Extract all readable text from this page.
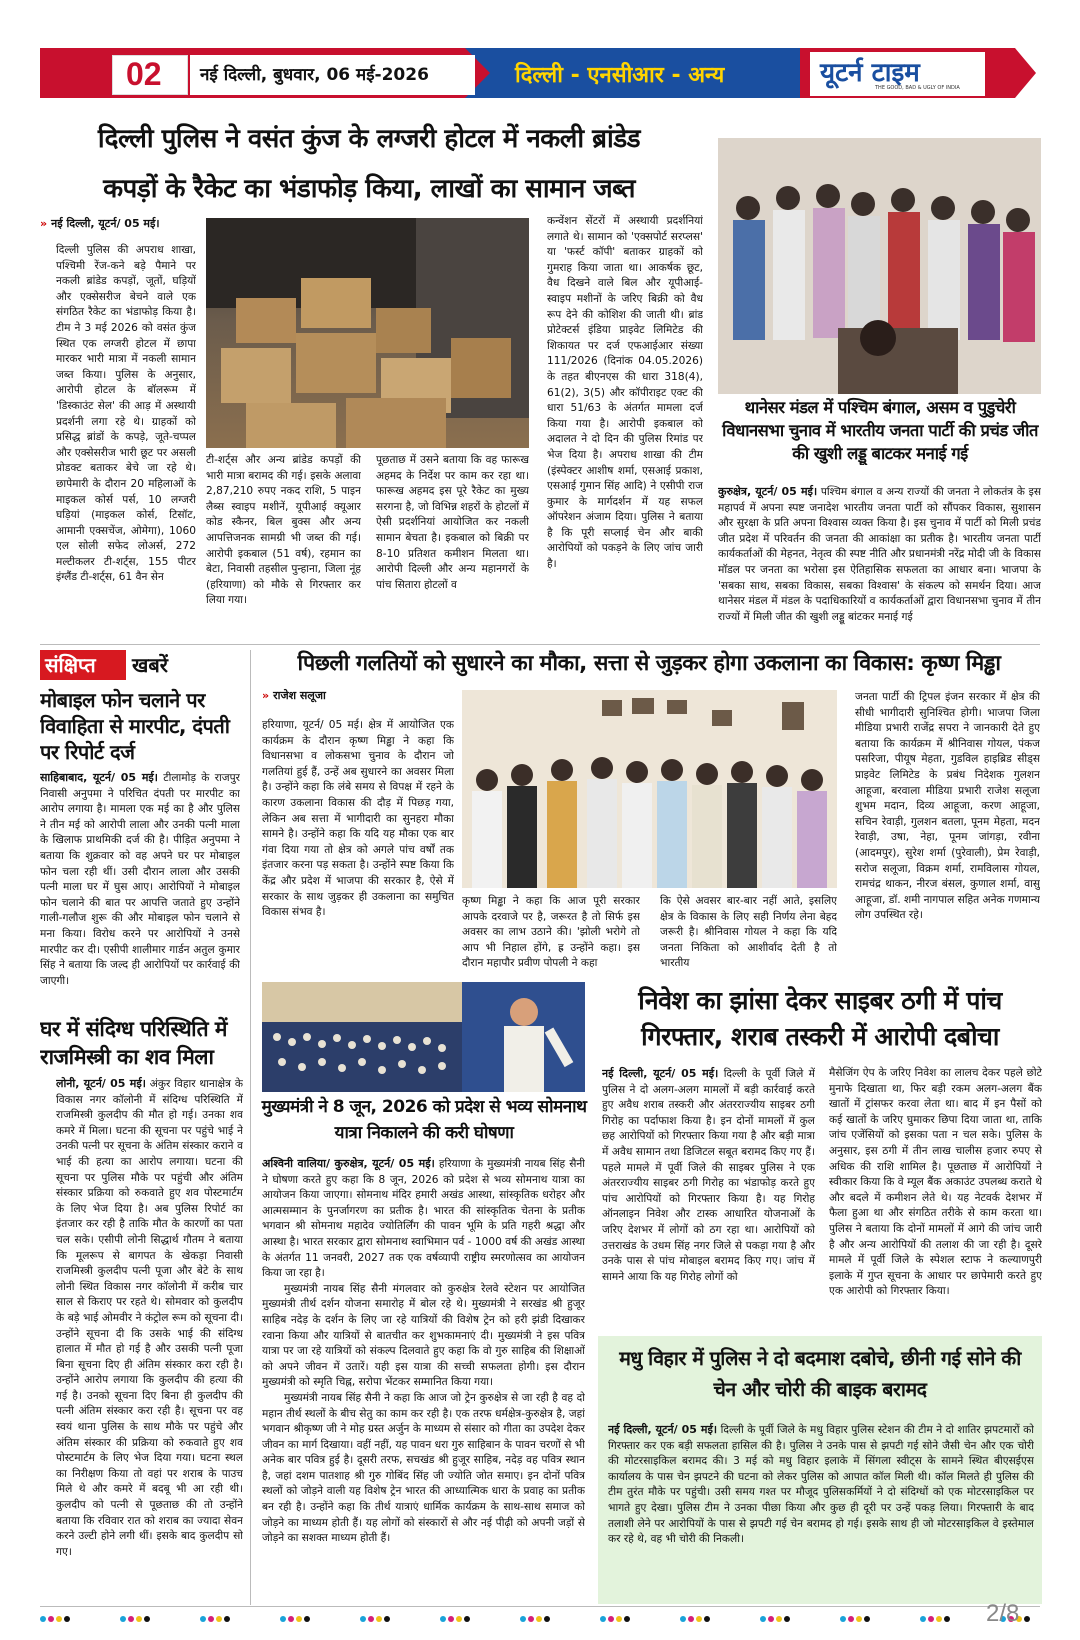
02 नई दिल्ली, बुधवार, 06 मई-2026	दिल्ली - एनसीआर - अन्य	यूटर्न टाइम
THE GOOD, BAD & UGLY OF INDIA
दिल्ली पुलिस ने वसंत कुंज के लग्जरी होटल में नकली ब्रांडेड
कपड़ों के रैकेट का भंडाफोड़ किया, लाखों का सामान जब्त
» नई दिल्ली, यूटर्न/ 05 मई।
दिल्ली पुलिस की अपराध शाखा, पश्चिमी रेंज-कने बड़े पैमाने पर नकली ब्रांडेड कपड़ों, जूतों, घड़ियों और एक्सेसरीज बेचने वाले एक संगठित रैकेट का भंडाफोड़ किया है। टीम ने 3 मई 2026 को वसंत कुंज स्थित एक लग्जरी होटल में छापा मारकर भारी मात्रा में नकली सामान जब्त किया। पुलिस के अनुसार, आरोपी होटल के बॉलरूम में 'डिस्काउंट सेल' की आड़ में अस्थायी प्रदर्शनी लगा रहे थे। ग्राहकों को प्रसिद्ध ब्रांडों के कपड़े, जूते-चप्पल और एक्सेसरीज भारी छूट पर असली प्रोडक्ट बताकर बेचे जा रहे थे। छापेमारी के दौरान 20 महिलाओं के माइकल कोर्स पर्स, 10 लग्जरी घड़ियां (माइकल कोर्स, टिसॉट, आमानी एक्सचेंज, ओमेगा), 1060 एल सोली सफेद लोअर्स, 272 मल्टीकलर टी-शर्ट्स, 155 पीटर इंग्लैंड टी-शर्ट्स, 61 वैन सेन
टी-शर्ट्स और अन्य ब्रांडेड कपड़ों की भारी मात्रा बरामद की गई। इसके अलावा 2,87,210 रुपए नकद राशि, 5 पाइन लैब्स स्वाइप मशीनें, यूपीआई क्यूआर कोड स्कैनर, बिल बुक्स और अन्य आपत्तिजनक सामग्री भी जब्त की गई। आरोपी इकबाल (51 वर्ष), रहमान का बेटा, निवासी तहसील पुन्हाना, जिला नूंह (हरियाणा) को मौके से गिरफ्तार कर लिया गया।
पूछताछ में उसने बताया कि वह फारूख अहमद के निर्देश पर काम कर रहा था। फारूख अहमद इस पूरे रैकेट का मुख्य सरगना है, जो विभिन्न शहरों के होटलों में ऐसी प्रदर्शनियां आयोजित कर नकली सामान बेचता है। इकबाल को बिक्री पर 8-10 प्रतिशत कमीशन मिलता था। आरोपी दिल्ली और अन्य महानगरों के पांच सितारा होटलों व
कन्वेंशन सेंटरों में अस्थायी प्रदर्शनियां लगाते थे। सामान को 'एक्सपोर्ट सरप्लस' या 'फर्स्ट कॉपी' बताकर ग्राहकों को गुमराह किया जाता था। आकर्षक छूट, वैध दिखने वाले बिल और यूपीआई-स्वाइप मशीनों के जरिए बिक्री को वैध रूप देने की कोशिश की जाती थी। ब्रांड प्रोटेक्टर्स इंडिया प्राइवेट लिमिटेड की शिकायत पर दर्ज एफआईआर संख्या 111/2026 (दिनांक 04.05.2026) के तहत बीएनएस की धारा 318(4), 61(2), 3(5) और कॉपीराइट एक्ट की धारा 51/63 के अंतर्गत मामला दर्ज किया गया है। आरोपी इकबाल को अदालत ने दो दिन की पुलिस रिमांड पर भेज दिया है। अपराध शाखा की टीम (इंस्पेक्टर आशीष शर्मा, एसआई प्रकाश, एसआई गुमान सिंह आदि) ने एसीपी राज कुमार के मार्गदर्शन में यह सफल ऑपरेशन अंजाम दिया। पुलिस ने बताया है कि पूरी सप्लाई चेन और बाकी आरोपियों को पकड़ने के लिए जांच जारी है।
थानेसर मंडल में पश्चिम बंगाल, असम व पुडुचेरी विधानसभा चुनाव में भारतीय जनता पार्टी की प्रचंड जीत की खुशी लड्डू बाटकर मनाई गई
कुरुक्षेत्र, यूटर्न/ 05 मई। पश्चिम बंगाल व अन्य राज्यों की जनता ने लोकतंत्र के इस महापर्व में अपना स्पष्ट जनादेश भारतीय जनता पार्टी को सौंपकर विकास, सुशासन और सुरक्षा के प्रति अपना विश्वास व्यक्त किया है। इस चुनाव में पार्टी को मिली प्रचंड जीत प्रदेश में परिवर्तन की जनता की आकांक्षा का प्रतीक है। भारतीय जनता पार्टी कार्यकर्ताओं की मेहनत, नेतृत्व की स्पष्ट नीति और प्रधानमंत्री नरेंद्र मोदी जी के विकास मॉडल पर जनता का भरोसा इस ऐतिहासिक सफलता का आधार बना। भाजपा के 'सबका साथ, सबका विकास, सबका विश्वास' के संकल्प को समर्थन दिया। आज थानेसर मंडल में मंडल के पदाधिकारियों व कार्यकर्ताओं द्वारा विधानसभा चुनाव में तीन राज्यों में मिली जीत की खुशी लड्डू बांटकर मनाई गई
संक्षिप्त खबरें
मोबाइल फोन चलाने पर विवाहिता से मारपीट, दंपती पर रिपोर्ट दर्ज
साहिबाबाद, यूटर्न/ 05 मई। टीलामोड़ के राजपुर निवासी अनुपमा ने परिचित दंपती पर मारपीट का आरोप लगाया है। मामला एक मई का है और पुलिस ने तीन मई को आरोपी लाला और उनकी पत्नी माला के खिलाफ प्राथमिकी दर्ज की है। पीड़ित अनुपमा ने बताया कि शुक्रवार को वह अपने घर पर मोबाइल फोन चला रही थीं। उसी दौरान लाला और उसकी पत्नी माला घर में घुस आए। आरोपियों ने मोबाइल फोन चलाने की बात पर आपत्ति जताते हुए उन्होंने गाली-गलौज शुरू की और मोबाइल फोन चलाने से मना किया। विरोध करने पर आरोपियों ने उनसे मारपीट कर दी। एसीपी शालीमार गार्डन अतुल कुमार सिंह ने बताया कि जल्द ही आरोपियों पर कार्रवाई की जाएगी।
घर में संदिग्ध परिस्थिति में राजमिस्त्री का शव मिला
लोनी, यूटर्न/ 05 मई। अंकुर विहार थानाक्षेत्र के विकास नगर कॉलोनी में संदिग्ध परिस्थिति में राजमिस्त्री कुलदीप की मौत हो गई। उनका शव कमरे में मिला। घटना की सूचना पर पहुंचे भाई ने उनकी पत्नी पर सूचना के अंतिम संस्कार कराने व भाई की हत्या का आरोप लगाया। घटना की सूचना पर पुलिस मौके पर पहुंची और अंतिम संस्कार प्रक्रिया को रुकवाते हुए शव पोस्टमार्टम के लिए भेज दिया है। अब पुलिस रिपोर्ट का इंतजार कर रही है ताकि मौत के कारणों का पता चल सके। एसीपी लोनी सिद्धार्थ गौतम ने बताया कि मूलरूप से बागपत के खेकड़ा निवासी राजमिस्त्री कुलदीप पत्नी पूजा और बेटे के साथ लोनी स्थित विकास नगर कॉलोनी में करीब चार साल से किराए पर रहते थे। सोमवार को कुलदीप के बड़े भाई ओमवीर ने कंट्रोल रूम को सूचना दी। उन्होंने सूचना दी कि उसके भाई की संदिग्ध हालात में मौत हो गई है और उसकी पत्नी पूजा बिना सूचना दिए ही अंतिम संस्कार करा रही है। उन्होंने आरोप लगाया कि कुलदीप की हत्या की गई है। उनको सूचना दिए बिना ही कुलदीप की पत्नी अंतिम संस्कार करा रही है। सूचना पर वह स्वयं थाना पुलिस के साथ मौके पर पहुंचे और अंतिम संस्कार की प्रक्रिया को रुकवाते हुए शव पोस्टमार्टम के लिए भेज दिया गया। घटना स्थल का निरीक्षण किया तो वहां पर शराब के पाउच मिले थे और कमरे में बदबू भी आ रही थी। कुलदीप को पत्नी से पूछताछ की तो उन्होंने बताया कि रविवार रात को शराब का ज्यादा सेवन करने उल्टी होने लगी थीं। इसके बाद कुलदीप सो गए।
पिछली गलतियों को सुधारने का मौका, सत्ता से जुड़कर होगा उकलाना का विकास: कृष्ण मिड्ढा
» राजेश सलूजा
हरियाणा, यूटर्न/ 05 मई। क्षेत्र में आयोजित एक कार्यक्रम के दौरान कृष्ण मिड्ढा ने कहा कि विधानसभा व लोकसभा चुनाव के दौरान जो गलतियां हुई हैं, उन्हें अब सुधारने का अवसर मिला है। उन्होंने कहा कि लंबे समय से विपक्ष में रहने के कारण उकलाना विकास की दौड़ में पिछड़ गया, लेकिन अब सत्ता में भागीदारी का सुनहरा मौका सामने है। उन्होंने कहा कि यदि यह मौका एक बार गंवा दिया गया तो क्षेत्र को अगले पांच वर्षों तक इंतजार करना पड़ सकता है। उन्होंने स्पष्ट किया कि केंद्र और प्रदेश में भाजपा की सरकार है, ऐसे में सरकार के साथ जुड़कर ही उकलाना का समुचित विकास संभव है।
कृष्ण मिड्ढा ने कहा कि आज पूरी सरकार आपके दरवाजे पर है, जरूरत है तो सिर्फ इस अवसर का लाभ उठाने की। 'झोली भरोगे तो आप भी निहाल होंगे, ह्र उन्होंने कहा। इस दौरान महापौर प्रवीण पोपली ने कहा
कि ऐसे अवसर बार-बार नहीं आते, इसलिए क्षेत्र के विकास के लिए सही निर्णय लेना बेहद जरूरी है। श्रीनिवास गोयल ने कहा कि यदि जनता निकिता को आशीर्वाद देती है तो भारतीय
जनता पार्टी की ट्रिपल इंजन सरकार में क्षेत्र की सीधी भागीदारी सुनिश्चित होगी। भाजपा जिला मीडिया प्रभारी राजेंद्र सपरा ने जानकारी देते हुए बताया कि कार्यक्रम में श्रीनिवास गोयल, पंकज पसरिजा, पीयूष मेहता, गुडविल हाइब्रिड सीड्स प्राइवेट लिमिटेड के प्रबंध निदेशक गुलशन आहूजा, बरवाला मीडिया प्रभारी राजेश सलूजा शुभम मदान, दिव्य आहूजा, करण आहूजा, सचिन रेवाड़ी, गुलशन बतला, पूनम मेहता, मदन रेवाड़ी, उषा, नेहा, पूनम जांगड़ा, रवीना (आदमपुर), सुरेश शर्मा (पुरेवाली), प्रेम रेवाड़ी, सरोज सलूजा, विक्रम शर्मा, रामविलास गोयल, रामचंद्र थाकन, नीरज बंसल, कुणाल शर्मा, वासु आहूजा, डॉ. शमी नागपाल सहित अनेक गणमान्य लोग उपस्थित रहे।
मुख्यमंत्री ने 8 जून, 2026 को प्रदेश से भव्य सोमनाथ यात्रा निकालने की करी घोषणा

अश्विनी वालिया/ कुरुक्षेत्र, यूटर्न/ 05 मई। हरियाणा के मुख्यमंत्री नायब सिंह सैनी ने घोषणा करते हुए कहा कि 8 जून, 2026 को प्रदेश से भव्य सोमनाथ यात्रा का आयोजन किया जाएगा। सोमनाथ मंदिर हमारी अखंड आस्था, सांस्कृतिक धरोहर और आत्मसम्मान के पुनर्जागरण का प्रतीक है। भारत की सांस्कृतिक चेतना के प्रतीक भगवान श्री सोमनाथ महादेव ज्योतिर्लिंग की पावन भूमि के प्रति गहरी श्रद्धा और आस्था है। भारत सरकार द्वारा सोमनाथ स्वाभिमान पर्व - 1000 वर्ष की अखंड आस्था के अंतर्गत 11 जनवरी, 2027 तक एक वर्षव्यापी राष्ट्रीय स्मरणोत्सव का आयोजन किया जा रहा है।

मुख्यमंत्री नायब सिंह सैनी मंगलवार को कुरुक्षेत्र रेलवे स्टेशन पर आयोजित मुख्यमंत्री तीर्थ दर्शन योजना समारोह में बोल रहे थे। मुख्यमंत्री ने सरखंड श्री हुजूर साहिब नदेड़ के दर्शन के लिए जा रहे यात्रियों की विशेष ट्रेन को हरी झंडी दिखाकर रवाना किया और यात्रियों से बातचीत कर शुभकामनाएं दी। मुख्यमंत्री ने इस पवित्र यात्रा पर जा रहे यात्रियों को संकल्प दिलवाते हुए कहा कि वो गुरु साहिब की शिक्षाओं को अपने जीवन में उतारें। यही इस यात्रा की सच्ची सफलता होगी। इस दौरान मुख्यमंत्री को स्मृति चिह्न, सरोपा भेंटकर सम्मानित किया गया।

मुख्यमंत्री नायब सिंह सैनी ने कहा कि आज जो ट्रेन कुरुक्षेत्र से जा रही है वह दो महान तीर्थ स्थलों के बीच सेतु का काम कर रही है। एक तरफ धर्मक्षेत्र-कुरुक्षेत्र है, जहां भगवान श्रीकृष्ण जी ने मोह ग्रस्त अर्जुन के माध्यम से संसार को गीता का उपदेश देकर जीवन का मार्ग दिखाया। वहीं नहीं, यह पावन धरा गुरु साहिबान के पावन चरणों से भी अनेक बार पवित्र हुई है। दूसरी तरफ, सचखंड श्री हुजूर साहिब, नदेड़ वह पवित्र स्थान है, जहां दशम पातशाह श्री गुरु गोबिंद सिंह जी ज्योति जोत समाए। इन दोनों पवित्र स्थलों को जोड़ने वाली यह विशेष ट्रेन भारत की आध्यात्मिक धारा के प्रवाह का प्रतीक बन रही है। उन्होंने कहा कि तीर्थ यात्राएं धार्मिक कार्यक्रम के साथ-साथ समाज को जोड़ने का माध्यम होती हैं। यह लोगों को संस्कारों से और नई पीढ़ी को अपनी जड़ों से जोड़ने का सशक्त माध्यम होती हैं।

निवेश का झांसा देकर साइबर ठगी में पांच गिरफ्तार, शराब तस्करी में आरोपी दबोचा
नई दिल्ली, यूटर्न/ 05 मई। दिल्ली के पूर्वी जिले में पुलिस ने दो अलग-अलग मामलों में बड़ी कार्रवाई करते हुए अवैध शराब तस्करी और अंतरराज्यीय साइबर ठगी गिरोह का पर्दाफाश किया है। इन दोनों मामलों में कुल छह आरोपियों को गिरफ्तार किया गया है और बड़ी मात्रा में अवैध सामान तथा डिजिटल सबूत बरामद किए गए हैं। पहले मामले में पूर्वी जिले की साइबर पुलिस ने एक अंतरराज्यीय साइबर ठगी गिरोह का भंडाफोड़ करते हुए पांच आरोपियों को गिरफ्तार किया है। यह गिरोह ऑनलाइन निवेश और टास्क आधारित योजनाओं के जरिए देशभर में लोगों को ठग रहा था। आरोपियों को उत्तराखंड के उधम सिंह नगर जिले से पकड़ा गया है और उनके पास से पांच मोबाइल बरामद किए गए। जांच में सामने आया कि यह गिरोह लोगों को
मैसेजिंग ऐप के जरिए निवेश का लालच देकर पहले छोटे मुनाफे दिखाता था, फिर बड़ी रकम अलग-अलग बैंक खातों में ट्रांसफर करवा लेता था। बाद में इन पैसों को कई खातों के जरिए घुमाकर छिपा दिया जाता था, ताकि जांच एजेंसियों को इसका पता न चल सके। पुलिस के अनुसार, इस ठगी में तीन लाख चालीस हजार रुपए से अधिक की राशि शामिल है। पूछताछ में आरोपियों ने स्वीकार किया कि वे म्यूल बैंक अकाउंट उपलब्ध कराते थे और बदले में कमीशन लेते थे। यह नेटवर्क देशभर में फैला हुआ था और संगठित तरीके से काम करता था। पुलिस ने बताया कि दोनों मामलों में आगे की जांच जारी है और अन्य आरोपियों की तलाश की जा रही है। दूसरे मामले में पूर्वी जिले के स्पेशल स्टाफ ने कल्याणपुरी इलाके में गुप्त सूचना के आधार पर छापेमारी करते हुए एक आरोपी को गिरफ्तार किया।
मधु विहार में पुलिस ने दो बदमाश दबोचे, छीनी गई सोने की चेन और चोरी की बाइक बरामद
नई दिल्ली, यूटर्न/ 05 मई। दिल्ली के पूर्वी जिले के मधु विहार पुलिस स्टेशन की टीम ने दो शातिर झपटमारों को गिरफ्तार कर एक बड़ी सफलता हासिल की है। पुलिस ने उनके पास से झपटी गई सोने जैसी चेन और एक चोरी की मोटरसाइकिल बरामद की। 3 मई को मधु विहार इलाके में सिंगला स्वीट्स के सामने स्थित बीएसईएस कार्यालय के पास चेन झपटने की घटना को लेकर पुलिस को आपात कॉल मिली थी। कॉल मिलते ही पुलिस की टीम तुरंत मौके पर पहुंची। उसी समय गश्त पर मौजूद पुलिसकर्मियों ने दो संदिग्धों को एक मोटरसाइकिल पर भागते हुए देखा। पुलिस टीम ने उनका पीछा किया और कुछ ही दूरी पर उन्हें पकड़ लिया। गिरफ्तारी के बाद तलाशी लेने पर आरोपियों के पास से झपटी गई चेन बरामद हो गई। इसके साथ ही जो मोटरसाइकिल वे इस्तेमाल कर रहे थे, वह भी चोरी की निकली।
2/8
